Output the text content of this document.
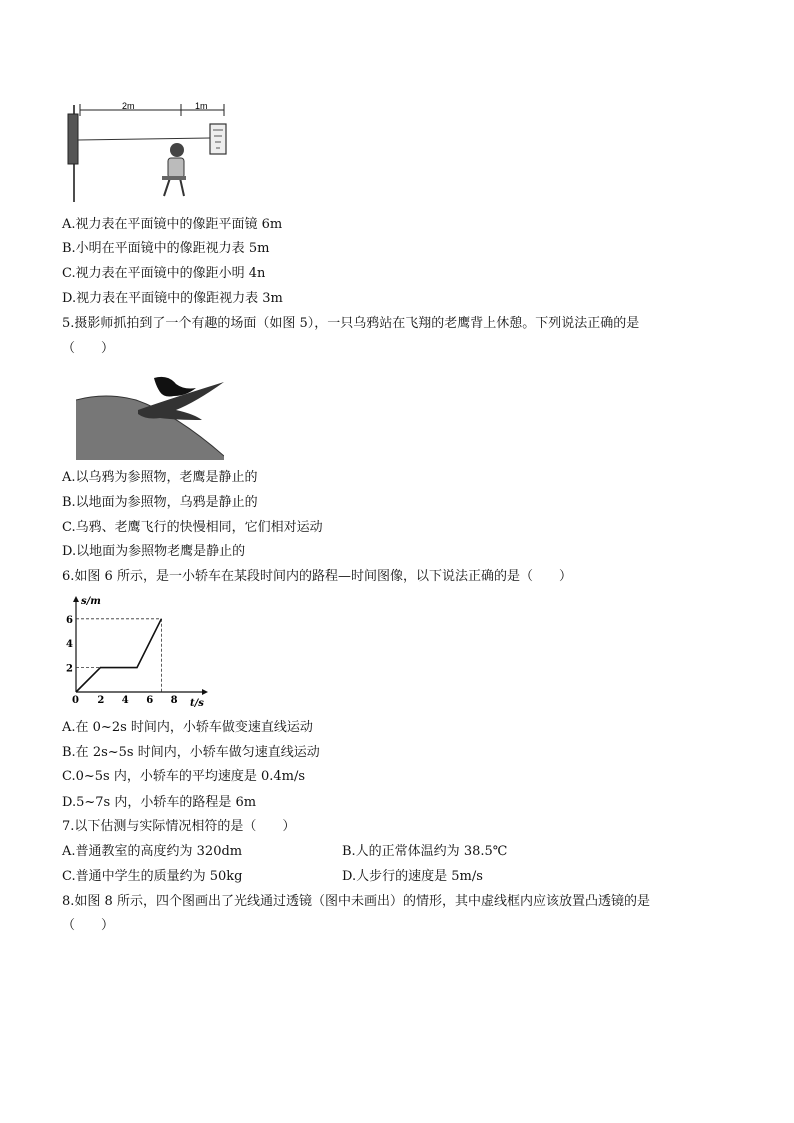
2m	1m
A.视力表在平面镜中的像距平面镜 6m
B.小明在平面镜中的像距视力表 5m
C.视力表在平面镜中的像距小明 4n
D.视力表在平面镜中的像距视力表 3m
5.摄影师抓拍到了一个有趣的场面（如图 5），一只乌鸦站在飞翔的老鹰背上休憩。下列说法正确的是
（　　）
A.以乌鸦为参照物，老鹰是静止的
B.以地面为参照物，乌鸦是静止的
C.乌鸦、老鹰飞行的快慢相同，它们相对运动
D.以地面为参照物老鹰是静止的
6.如图 6 所示，是一小轿车在某段时间内的路程—时间图像，以下说法正确的是（　　）
s/m
t/s
0 2 4 6 8
2
4
6
A.在 0~2s 时间内，小轿车做变速直线运动
B.在 2s~5s 时间内，小轿车做匀速直线运动
C.0~5s 内，小轿车的平均速度是 0.4m/s
D.5~7s 内，小轿车的路程是 6m
7.以下估测与实际情况相符的是（　　）
A.普通教室的高度约为 320dm	B.人的正常体温约为 38.5℃
C.普通中学生的质量约为 50kg	D.人步行的速度是 5m/s
8.如图 8 所示，四个图画出了光线通过透镜（图中未画出）的情形，其中虚线框内应该放置凸透镜的是
（　　）
